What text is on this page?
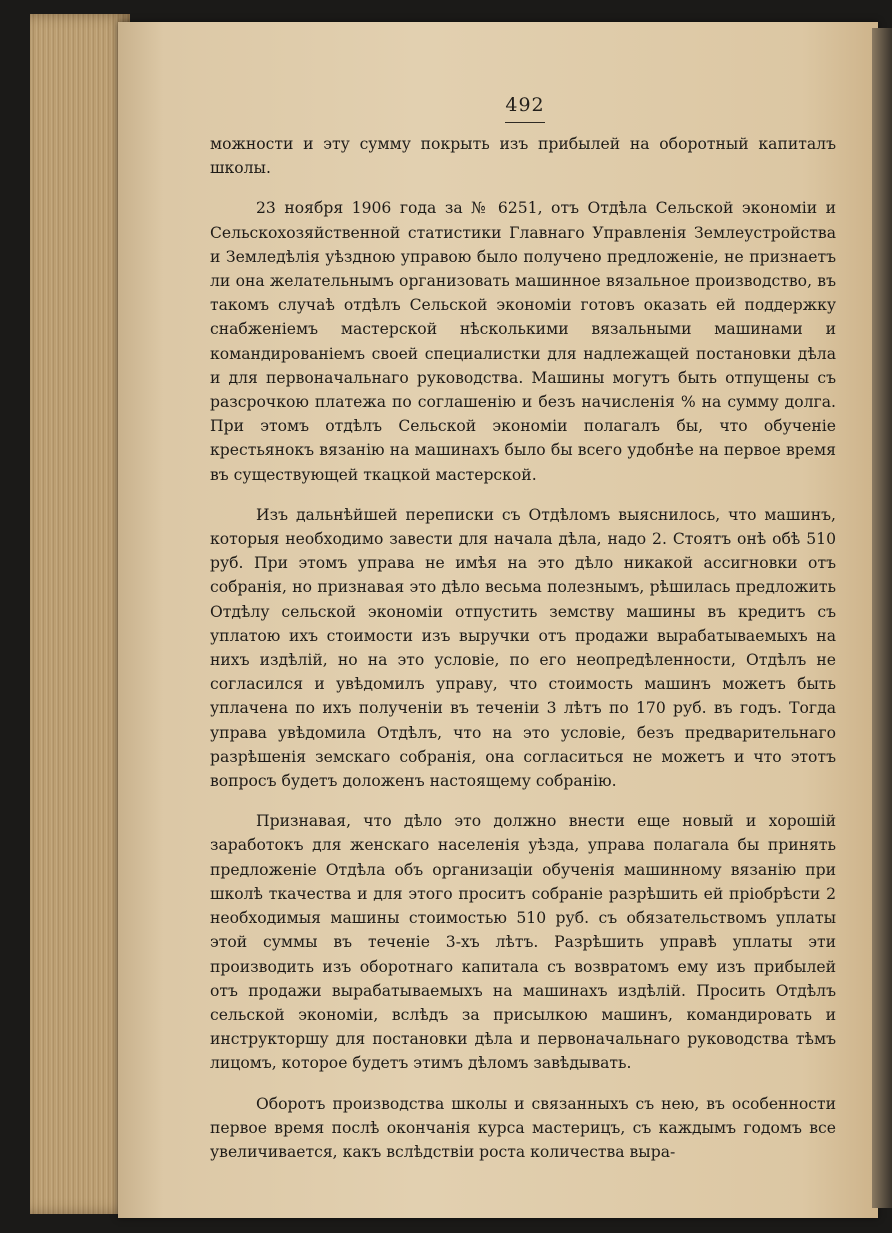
492

можности и эту сумму покрыть изъ прибылей на оборотный капиталъ школы.

23 ноября 1906 года за № 6251, отъ Отдѣла Сельской экономіи и Сельскохозяйственной статистики Главнаго Управленія Землеустройства и Земледѣлія уѣздною управою было получено предложеніе, не признаетъ ли она желательнымъ организовать машинное вязальное производство, въ такомъ случаѣ отдѣлъ Сельской экономіи готовъ оказать ей поддержку снабженіемъ мастерской нѣсколькими вязальными машинами и командированіемъ своей специалистки для надлежащей постановки дѣла и для первоначальнаго руководства. Машины могутъ быть отпущены съ разсрочкою платежа по соглашенію и безъ начисленія % на сумму долга. При этомъ отдѣлъ Сельской экономіи полагалъ бы, что обученіе крестьянокъ вязанію на машинахъ было бы всего удобнѣе на первое время въ существующей ткацкой мастерской.

Изъ дальнѣйшей переписки съ Отдѣломъ выяснилось, что машинъ, которыя необходимо завести для начала дѣла, надо 2. Стоятъ онѣ обѣ 510 руб. При этомъ управа не имѣя на это дѣло никакой ассигновки отъ собранія, но признавая это дѣло весьма полезнымъ, рѣшилась предложить Отдѣлу сельской экономіи отпустить земству машины въ кредитъ съ уплатою ихъ стоимости изъ выручки отъ продажи вырабатываемыхъ на нихъ издѣлій, но на это условіе, по его неопредѣленности, Отдѣлъ не согласился и увѣдомилъ управу, что стоимость машинъ можетъ быть уплачена по ихъ полученіи въ теченіи 3 лѣтъ по 170 руб. въ годъ. Тогда управа увѣдомила Отдѣлъ, что на это условіе, безъ предварительнаго разрѣшенія земскаго собранія, она согласиться не можетъ и что этотъ вопросъ будетъ доложенъ настоящему собранію.

Признавая, что дѣло это должно внести еще новый и хорошій заработокъ для женскаго населенія уѣзда, управа полагала бы принять предложеніе Отдѣла объ организаціи обученія машинному вязанію при школѣ ткачества и для этого проситъ собраніе разрѣшить ей пріобрѣсти 2 необходимыя машины стоимостью 510 руб. съ обязательствомъ уплаты этой суммы въ теченіе 3-хъ лѣтъ. Разрѣшить управѣ уплаты эти производить изъ оборотнаго капитала съ возвратомъ ему изъ прибылей отъ продажи вырабатываемыхъ на машинахъ издѣлій. Просить Отдѣлъ сельской экономіи, вслѣдъ за присылкою машинъ, командировать и инструкторшу для постановки дѣла и первоначальнаго руководства тѣмъ лицомъ, которое будетъ этимъ дѣломъ завѣдывать.

Оборотъ производства школы и связанныхъ съ нею, въ особенности первое время послѣ окончанія курса мастерицъ, съ каждымъ годомъ все увеличивается, какъ вслѣдствіи роста количества выра-
